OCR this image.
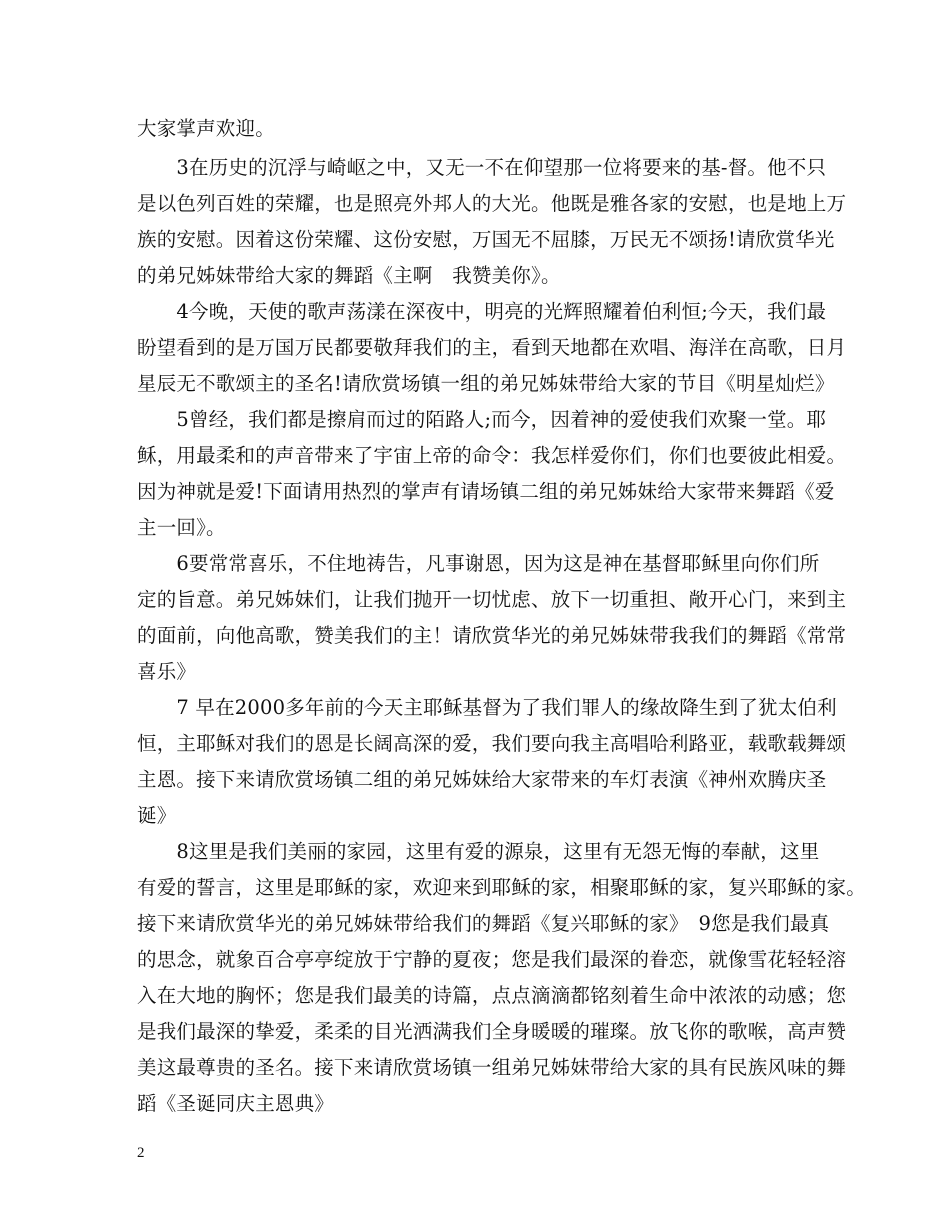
大家掌声欢迎。
　　3在历史的沉浮与崎岖之中，又无一不在仰望那一位将要来的基-督。他不只
是以色列百姓的荣耀，也是照亮外邦人的大光。他既是雅各家的安慰，也是地上万
族的安慰。因着这份荣耀、这份安慰，万国无不屈膝，万民无不颂扬!请欣赏华光
的弟兄姊妹带给大家的舞蹈《主啊　我赞美你》。
　　4今晚，天使的歌声荡漾在深夜中，明亮的光辉照耀着伯利恒;今天，我们最
盼望看到的是万国万民都要敬拜我们的主，看到天地都在欢唱、海洋在高歌，日月
星辰无不歌颂主的圣名!请欣赏场镇一组的弟兄姊妹带给大家的节目《明星灿烂》
　　5曾经，我们都是擦肩而过的陌路人;而今，因着神的爱使我们欢聚一堂。耶
稣，用最柔和的声音带来了宇宙上帝的命令：我怎样爱你们，你们也要彼此相爱。
因为神就是爱!下面请用热烈的掌声有请场镇二组的弟兄姊妹给大家带来舞蹈《爱
主一回》。
　　6要常常喜乐，不住地祷告，凡事谢恩，因为这是神在基督耶稣里向你们所
定的旨意。弟兄姊妹们，让我们抛开一切忧虑、放下一切重担、敞开心门，来到主
的面前，向他高歌，赞美我们的主！请欣赏华光的弟兄姊妹带我我们的舞蹈《常常
喜乐》
　　7 早在2000多年前的今天主耶稣基督为了我们罪人的缘故降生到了犹太伯利
恒，主耶稣对我们的恩是长阔高深的爱，我们要向我主高唱哈利路亚，载歌载舞颂
主恩。接下来请欣赏场镇二组的弟兄姊妹给大家带来的车灯表演《神州欢腾庆圣
诞》
　　8这里是我们美丽的家园，这里有爱的源泉，这里有无怨无悔的奉献，这里
有爱的誓言，这里是耶稣的家，欢迎来到耶稣的家，相聚耶稣的家，复兴耶稣的家。
接下来请欣赏华光的弟兄姊妹带给我们的舞蹈《复兴耶稣的家》　9您是我们最真
的思念，就象百合亭亭绽放于宁静的夏夜；您是我们最深的眷恋，就像雪花轻轻溶
入在大地的胸怀；您是我们最美的诗篇，点点滴滴都铭刻着生命中浓浓的动感；您
是我们最深的挚爱，柔柔的目光洒满我们全身暖暖的璀璨。放飞你的歌喉，高声赞
美这最尊贵的圣名。接下来请欣赏场镇一组弟兄姊妹带给大家的具有民族风味的舞
蹈《圣诞同庆主恩典》
2
